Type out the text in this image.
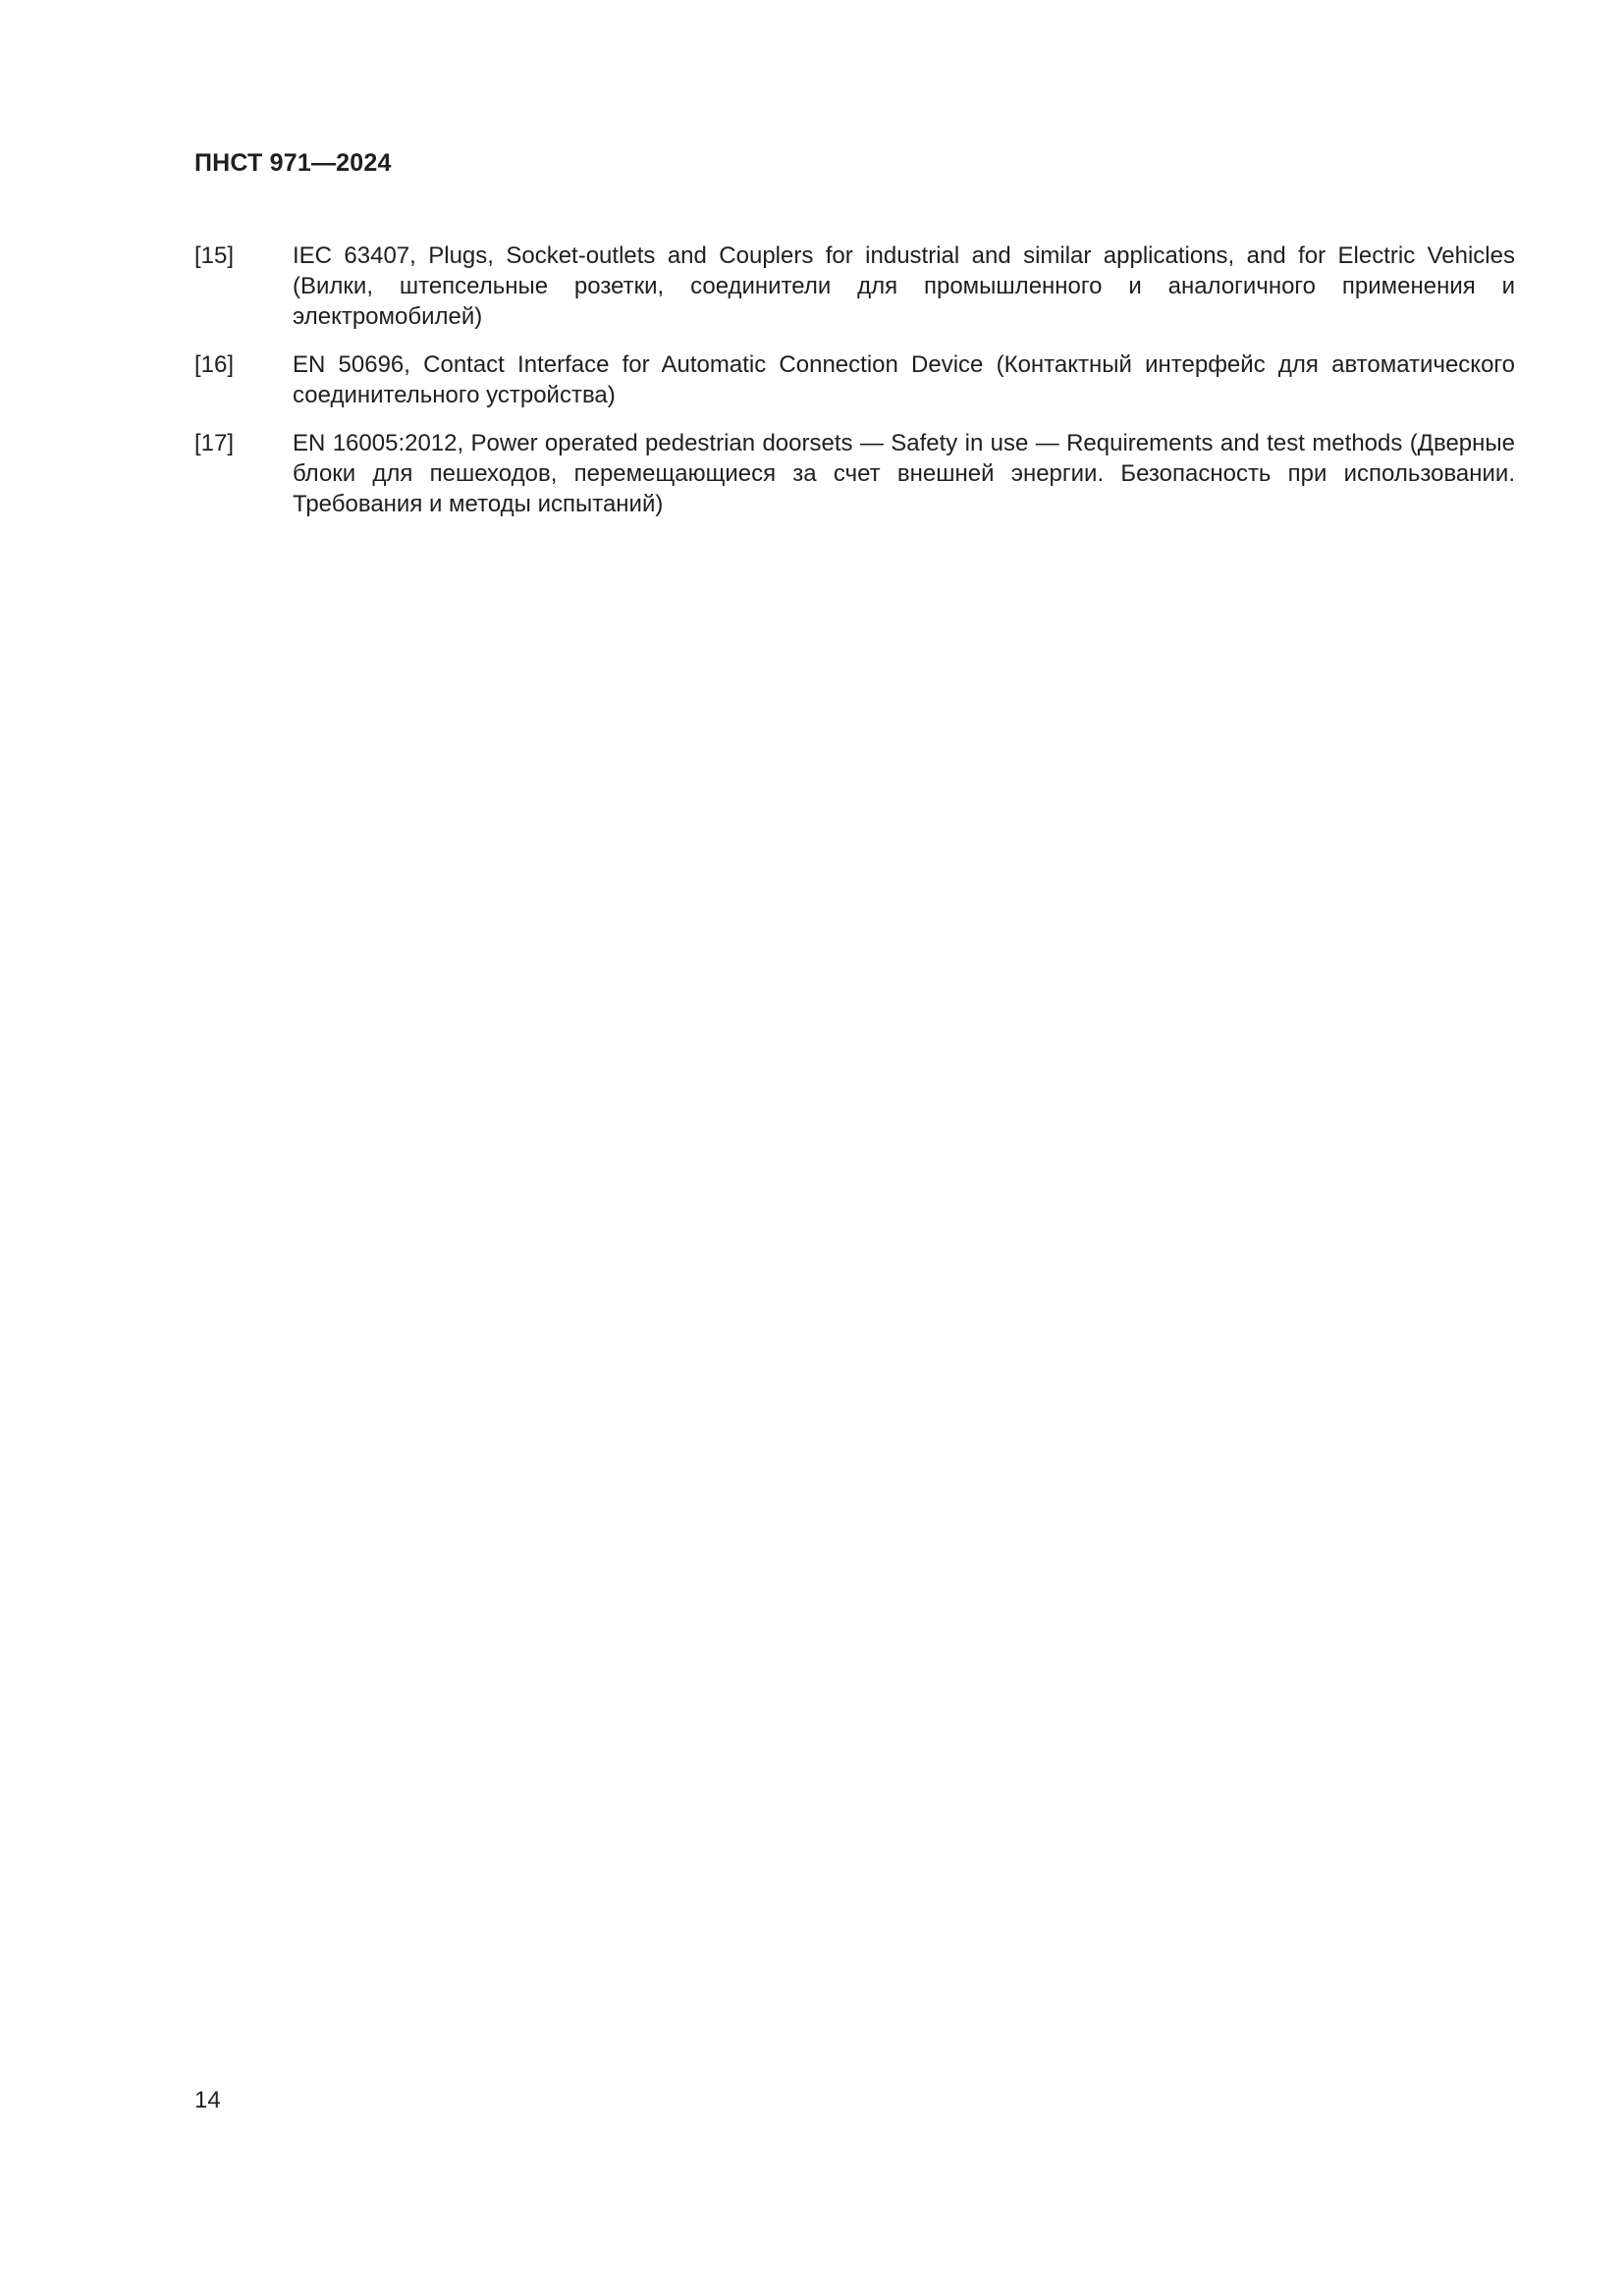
ПНСТ 971—2024
[15]	IEC 63407, Plugs, Socket-outlets and Couplers for industrial and similar applications, and for Electric Vehicles (Вилки, штепсельные розетки, соединители для промышленного и аналогичного применения и электромобилей)
[16]	EN 50696, Contact Interface for Automatic Connection Device (Контактный интерфейс для автоматического соединительного устройства)
[17]	EN 16005:2012, Power operated pedestrian doorsets — Safety in use — Requirements and test methods (Дверные блоки для пешеходов, перемещающиеся за счет внешней энергии. Безопасность при использовании. Требования и методы испытаний)
14
